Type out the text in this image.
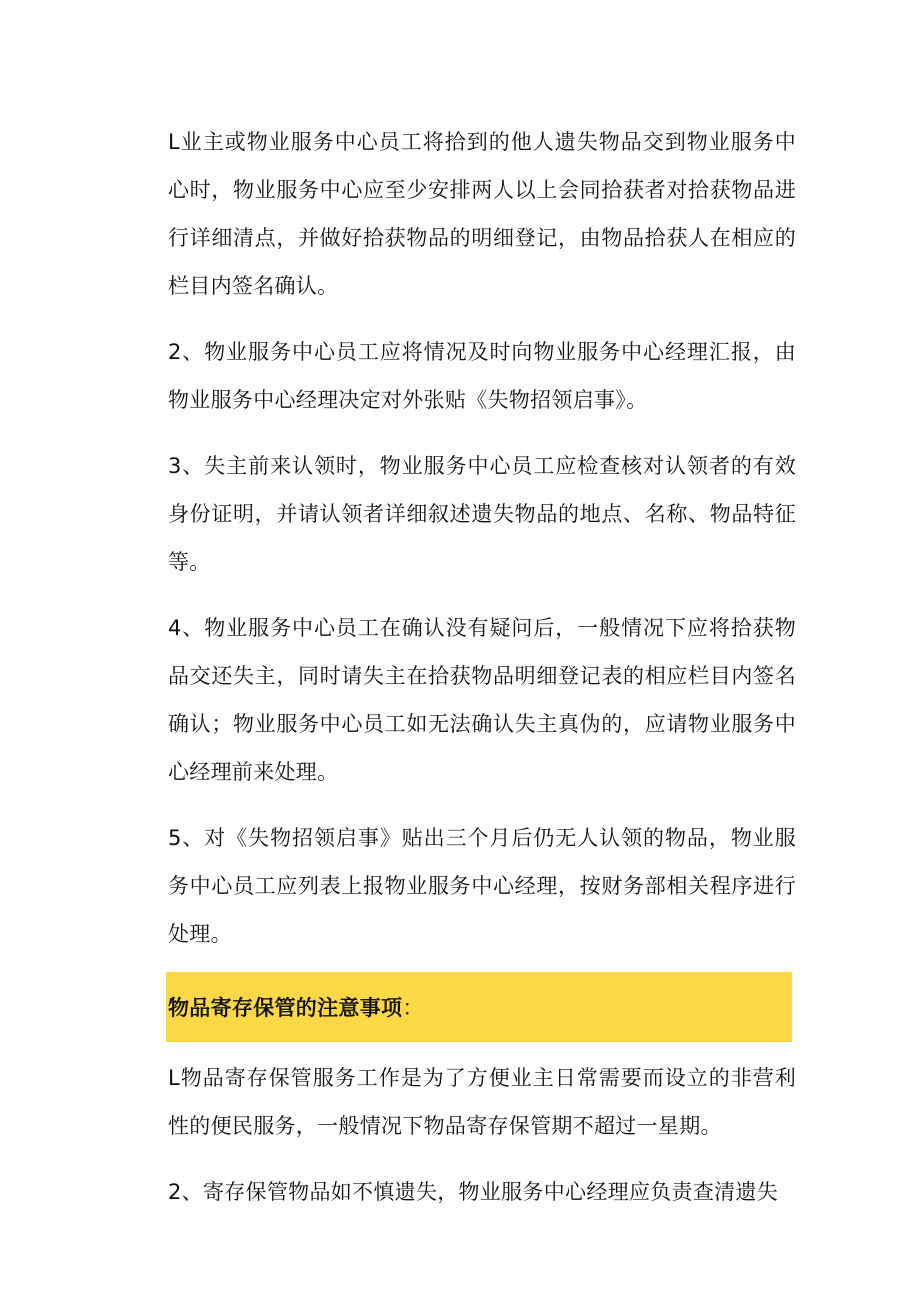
L业主或物业服务中心员工将拾到的他人遗失物品交到物业服务中心时，物业服务中心应至少安排两人以上会同拾获者对拾获物品进行详细清点，并做好拾获物品的明细登记，由物品拾获人在相应的栏目内签名确认。

2、物业服务中心员工应将情况及时向物业服务中心经理汇报，由物业服务中心经理决定对外张贴《失物招领启事》。

3、失主前来认领时，物业服务中心员工应检查核对认领者的有效身份证明，并请认领者详细叙述遗失物品的地点、名称、物品特征等。

4、物业服务中心员工在确认没有疑问后，一般情况下应将拾获物品交还失主，同时请失主在拾获物品明细登记表的相应栏目内签名确认；物业服务中心员工如无法确认失主真伪的，应请物业服务中心经理前来处理。

5、对《失物招领启事》贴出三个月后仍无人认领的物品，物业服务中心员工应列表上报物业服务中心经理，按财务部相关程序进行处理。

物品寄存保管的注意事项 ：

L物品寄存保管服务工作是为了方便业主日常需要而设立的非营利性的便民服务，一般情况下物品寄存保管期不超过一星期。

2、寄存保管物品如不慎遗失，物业服务中心经理应负责查清遗失
